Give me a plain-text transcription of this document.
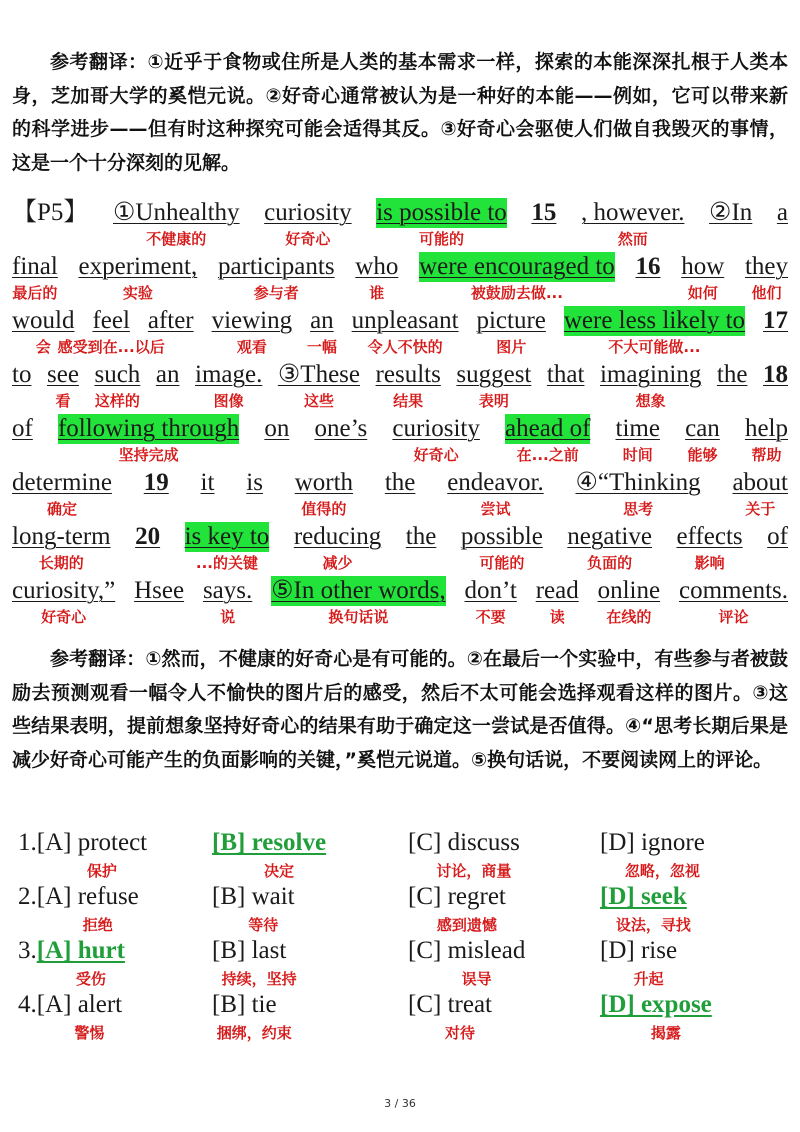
参考翻译：①近乎于食物或住所是人类的基本需求一样，探索的本能深深扎根于人类本身，芝加哥大学的奚恺元说。②好奇心通常被认为是一种好的本能——例如，它可以带来新的科学进步——但有时这种探究可能会适得其反。③好奇心会驱使人们做自我毁灭的事情，这是一个十分深刻的见解。
【P5】 ①Unhealthy curiosity is possible to 15 , however. ②In a
不健康的	好奇心	可能的	然而
final experiment, participants who were encouraged to 16 how they
最后的	实验	参与者	谁	被鼓励去做...	如何 他们
would feel after viewing an unpleasant picture were less likely to 17
会 感受到在...以后	观看	一幅 令人不快的	图片	不大可能做...
to see such an image. ③These results suggest that imagining the 18
看 这样的	图像	这些	结果	表明	想象
of following through on one’s curiosity ahead of time can help
坚持完成	好奇心	在...之前	时间 能够 帮助
determine 19 it is worth the endeavor. ④“Thinking about
确定	值得的	尝试	思考	关于
long-term 20 is key to reducing the possible negative effects of
长期的	...的关键	减少	可能的	负面的	影响
curiosity,” Hsee says. ⑤In other words, don’t read online comments.
好奇心	说	换句话说	不要	读	在线的	评论
参考翻译：①然而，不健康的好奇心是有可能的。②在最后一个实验中，有些参与者被鼓励去预测观看一幅令人不愉快的图片后的感受，然后不太可能会选择观看这样的图片。③这些结果表明，提前想象坚持好奇心的结果有助于确定这一尝试是否值得。④“思考长期后果是减少好奇心可能产生的负面影响的关键，”奚恺元说道。⑤换句话说，不要阅读网上的评论。
1. [A] protect
保护
[B] resolve
决定
[C] discuss
讨论，商量
[D] ignore
忽略，忽视
2. [A] refuse
拒绝
[B] wait
等待
[C] regret
感到遗憾
[D] seek
设法，寻找
3. [A] hurt
受伤
[B] last
持续，坚持
[C] mislead
误导
[D] rise
升起
4. [A] alert
警惕
[B] tie
捆绑，约束
[C] treat
对待
[D] expose
揭露
3 / 36
